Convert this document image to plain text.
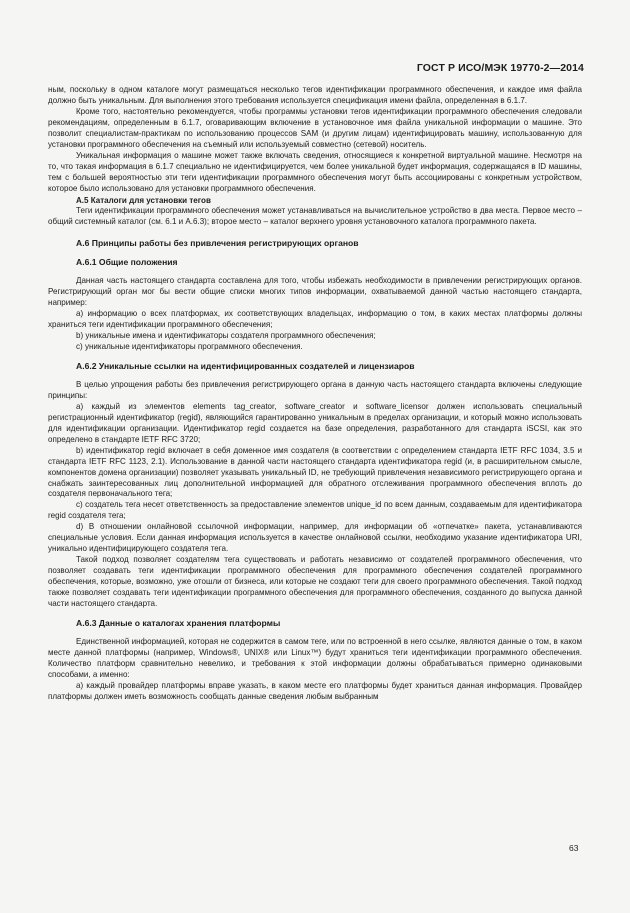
ГОСТ Р ИСО/МЭК 19770-2—2014

ным, поскольку в одном каталоге могут размещаться несколько тегов идентификации программного обеспечения, и каждое имя файла должно быть уникальным. Для выполнения этого требования используется спецификация имени файла, определенная в 6.1.7.

Кроме того, настоятельно рекомендуется, чтобы программы установки тегов идентификации программного обеспечения следовали рекомендациям, определенным в 6.1.7, оговаривающим включение в установочное имя файла уникальной информации о машине. Это позволит специалистам-практикам по использованию процессов SAM (и другим лицам) идентифицировать машину, использованную для установки программного обеспечения на съемный или используемый совместно (сетевой) носитель.

Уникальная информация о машине может также включать сведения, относящиеся к конкретной виртуальной машине. Несмотря на то, что такая информация в 6.1.7 специально не идентифицируется, чем более уникальной будет информация, содержащаяся в ID машины, тем с большей вероятностью эти теги идентификации программного обеспечения могут быть ассоциированы с конкретным устройством, которое было использовано для установки программного обеспечения.

А.5 Каталоги для установки тегов

Теги идентификации программного обеспечения может устанавливаться на вычислительное устройство в два места. Первое место – общий системный каталог (см. 6.1 и А.6.3); второе место – каталог верхнего уровня установочного каталога программного пакета.

А.6 Принципы работы без привлечения регистрирующих органов

А.6.1 Общие положения

Данная часть настоящего стандарта составлена для того, чтобы избежать необходимости в привлечении регистрирующих органов. Регистрирующий орган мог бы вести общие списки многих типов информации, охватываемой данной частью настоящего стандарта, например:

а) информацию о всех платформах, их соответствующих владельцах, информацию о том, в каких местах платформы должны храниться теги идентификации программного обеспечения;

b) уникальные имена и идентификаторы создателя программного обеспечения;

с) уникальные идентификаторы программного обеспечения.

А.6.2 Уникальные ссылки на идентифицированных создателей и лицензиаров

В целью упрощения работы без привлечения регистрирующего органа в данную часть настоящего стандарта включены следующие принципы:

а) каждый из элементов elements tag_creator, software_creator и software_licensor должен использовать специальный регистрационный идентификатор (regid), являющийся гарантированно уникальным в пределах организации, и который можно использовать для идентификации организации. Идентификатор regid создается на базе определения, разработанного для стандарта iSCSI, как это определено в стандарте IETF RFC 3720;

b) идентификатор regid включает в себя доменное имя создателя (в соответствии с определением стандарта IETF RFC 1034, 3.5 и стандарта IETF RFC 1123, 2.1). Использование в данной части настоящего стандарта идентификатора regid (и, в расширительном смысле, компонентов домена организации) позволяет указывать уникальный ID, не требующий привлечения независимого регистрирующего органа и снабжать заинтересованных лиц дополнительной информацией для обратного отслеживания программного обеспечения вплоть до создателя первоначального тега;

с) создатель тега несет ответственность за предоставление элементов unique_id по всем данным, создаваемым для идентификатора regid создателя тега;

d) В отношении онлайновой ссылочной информации, например, для информации об «отпечатке» пакета, устанавливаются специальные условия. Если данная информация используется в качестве онлайновой ссылки, необходимо указание идентификатора URI, уникально идентифицирующего создателя тега.

Такой подход позволяет создателям тега существовать и работать независимо от создателей программного обеспечения, что позволяет создавать теги идентификации программного обеспечения для программного обеспечения создателей программного обеспечения, которые, возможно, уже отошли от бизнеса, или которые не создают теги для своего программного обеспечения. Такой подход также позволяет создавать теги идентификации программного обеспечения для программного обеспечения, созданного до выпуска данной части настоящего стандарта.

А.6.3 Данные о каталогах хранения платформы

Единственной информацией, которая не содержится в самом теге, или по встроенной в него ссылке, являются данные о том, в каком месте данной платформы (например, Windows®, UNIX® или Linux™) будут храниться теги идентификации программного обеспечения. Количество платформ сравнительно невелико, и требования к этой информации должны обрабатываться примерно одинаковыми способами, а именно:

а) каждый провайдер платформы вправе указать, в каком месте его платформы будет храниться данная информация. Провайдер платформы должен иметь возможность сообщать данные сведения любым выбранным

63
